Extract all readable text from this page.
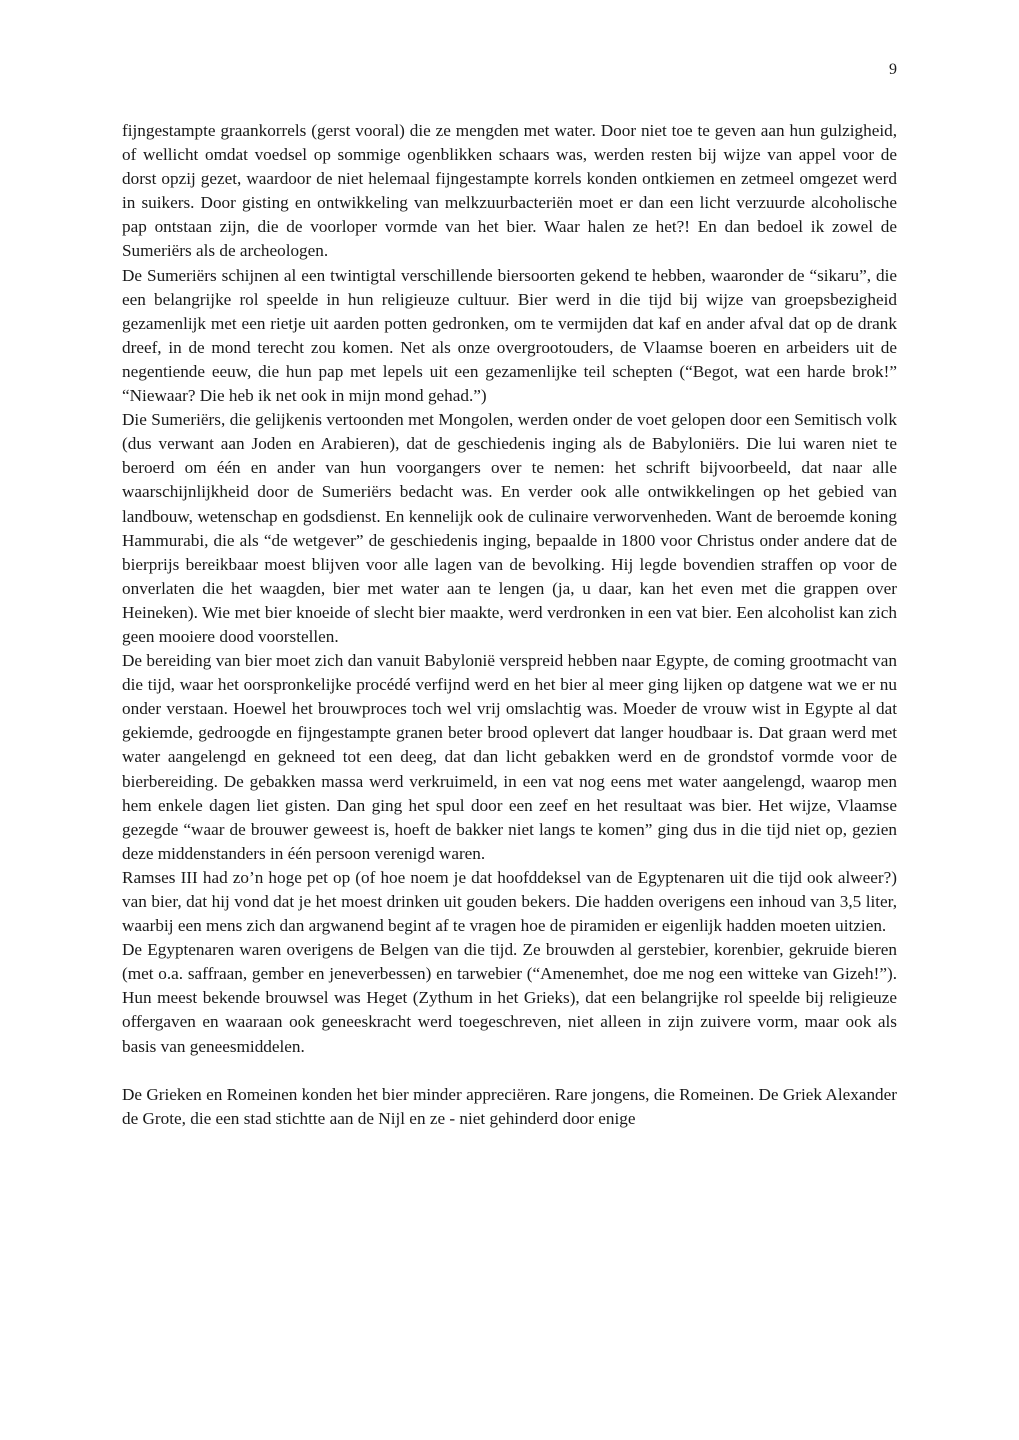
9

fijngestampte graankorrels (gerst vooral) die ze mengden met water. Door niet toe te geven aan hun gulzigheid, of wellicht omdat voedsel op sommige ogenblikken schaars was, werden resten bij wijze van appel voor de dorst opzij gezet, waardoor de niet helemaal fijngestampte korrels konden ontkiemen en zetmeel omgezet werd in suikers. Door gisting en ontwikkeling van melkzuurbacteriën moet er dan een licht verzuurde alcoholische pap ontstaan zijn, die de voorloper vormde van het bier. Waar halen ze het?! En dan bedoel ik zowel de Sumeriërs als de archeologen.

De Sumeriërs schijnen al een twintigtal verschillende biersoorten gekend te hebben, waaronder de “sikaru”, die een belangrijke rol speelde in hun religieuze cultuur. Bier werd in die tijd bij wijze van groepsbezigheid gezamenlijk met een rietje uit aarden potten gedronken, om te vermijden dat kaf en ander afval dat op de drank dreef, in de mond terecht zou komen. Net als onze overgrootouders, de Vlaamse boeren en arbeiders uit de negentiende eeuw, die hun pap met lepels uit een gezamenlijke teil schepten (“Begot, wat een harde brok!” “Niewaar? Die heb ik net ook in mijn mond gehad.”)

Die Sumeriërs, die gelijkenis vertoonden met Mongolen, werden onder de voet gelopen door een Semitisch volk (dus verwant aan Joden en Arabieren), dat de geschiedenis inging als de Babyloniërs. Die lui waren niet te beroerd om één en ander van hun voorgangers over te nemen: het schrift bijvoorbeeld, dat naar alle waarschijnlijkheid door de Sumeriërs bedacht was. En verder ook alle ontwikkelingen op het gebied van landbouw, wetenschap en godsdienst. En kennelijk ook de culinaire verworvenheden. Want de beroemde koning Hammurabi, die als “de wetgever” de geschiedenis inging, bepaalde in 1800 voor Christus onder andere dat de bierprijs bereikbaar moest blijven voor alle lagen van de bevolking. Hij legde bovendien straffen op voor de onverlaten die het waagden, bier met water aan te lengen (ja, u daar, kan het even met die grappen over Heineken). Wie met bier knoeide of slecht bier maakte, werd verdronken in een vat bier. Een alcoholist kan zich geen mooiere dood voorstellen.

De bereiding van bier moet zich dan vanuit Babylonië verspreid hebben naar Egypte, de coming grootmacht van die tijd, waar het oorspronkelijke procédé verfijnd werd en het bier al meer ging lijken op datgene wat we er nu onder verstaan. Hoewel het brouwproces toch wel vrij omslachtig was. Moeder de vrouw wist in Egypte al dat gekiemde, gedroogde en fijngestampte granen beter brood oplevert dat langer houdbaar is. Dat graan werd met water aangelengd en gekneed tot een deeg, dat dan licht gebakken werd en de grondstof vormde voor de bierbereiding. De gebakken massa werd verkruimeld, in een vat nog eens met water aangelengd, waarop men hem enkele dagen liet gisten. Dan ging het spul door een zeef en het resultaat was bier. Het wijze, Vlaamse gezegde “waar de brouwer geweest is, hoeft de bakker niet langs te komen” ging dus in die tijd niet op, gezien deze middenstanders in één persoon verenigd waren.

Ramses III had zo’n hoge pet op (of hoe noem je dat hoofddeksel van de Egyptenaren uit die tijd ook alweer?) van bier, dat hij vond dat je het moest drinken uit gouden bekers. Die hadden overigens een inhoud van 3,5 liter, waarbij een mens zich dan argwanend begint af te vragen hoe de piramiden er eigenlijk hadden moeten uitzien.

De Egyptenaren waren overigens de Belgen van die tijd. Ze brouwden al gerstebier, korenbier, gekruide bieren (met o.a. saffraan, gember en jeneverbessen) en tarwebier (“Amenemhet, doe me nog een witteke van Gizeh!”). Hun meest bekende brouwsel was Heget (Zythum in het Grieks), dat een belangrijke rol speelde bij religieuze offergaven en waaraan ook geneeskracht werd toegeschreven, niet alleen in zijn zuivere vorm, maar ook als basis van geneesmiddelen.

De Grieken en Romeinen konden het bier minder appreciëren. Rare jongens, die Romeinen. De Griek Alexander de Grote, die een stad stichtte aan de Nijl en ze - niet gehinderd door enige
